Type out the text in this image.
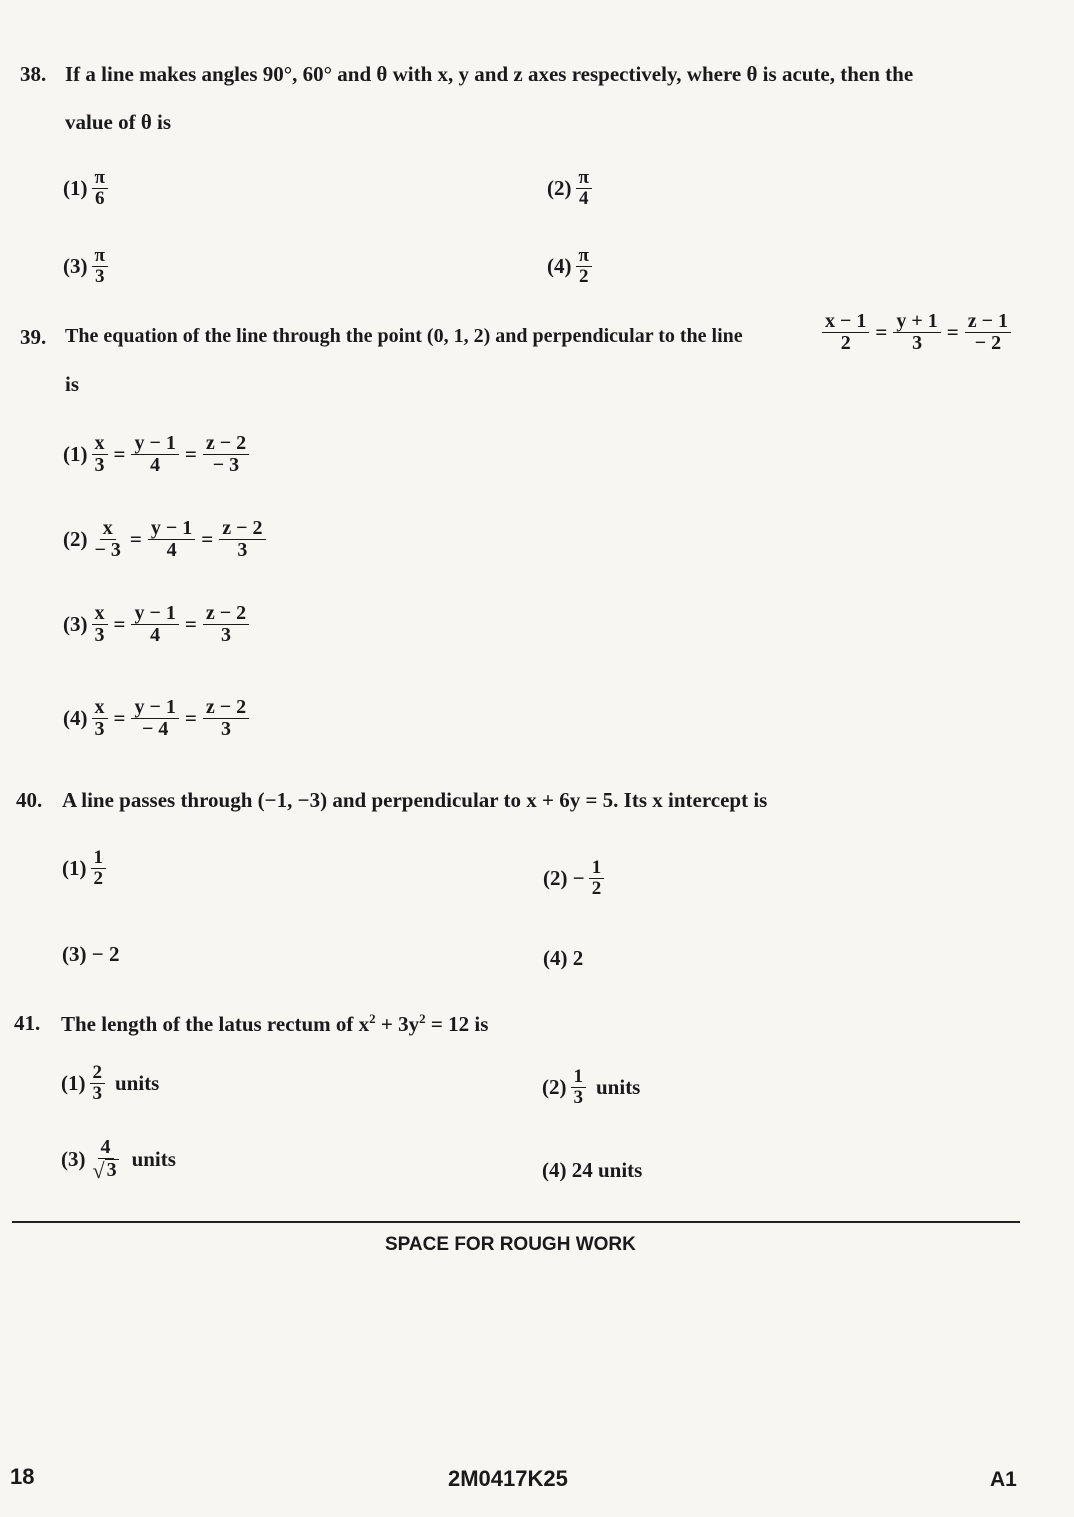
38. If a line makes angles 90°, 60° and θ with x, y and z axes respectively, where θ is acute, then the
value of θ is
$(1) \frac{\pi}{6}$	$(2) \frac{\pi}{4}$
$(3) \frac{\pi}{3}$	$(4) \frac{\pi}{2}$
39. The equation of the line through the point (0, 1, 2) and perpendicular to the line	$\frac{x - 1}{2} = \frac{y + 1}{3} = \frac{z - 1}{- 2}$
is
$(1) \frac{x}{3} = \frac{y - 1}{4} = \frac{z - 2}{- 3}$
$(2) \frac{x}{- 3} = \frac{y - 1}{4} = \frac{z - 2}{3}$
$(3) \frac{x}{3} = \frac{y - 1}{4} = \frac{z - 2}{3}$
$(4) \frac{x}{3} = \frac{y - 1}{- 4} = \frac{z - 2}{3}$
40. A line passes through (−1, −3) and perpendicular to x + 6y = 5. Its x intercept is
$(1) \frac{1}{2}$	$(2) - \frac{1}{2}$
(3) − 2	(4) 2
41. The length of the latus rectum of $x^2 + 3y^2 = 12$ is
$(1) \frac{2}{3}$ units	$(2) \frac{1}{3}$ units
$(3) \frac{4}{√ 3}$ units	(4) 24 units
SPACE FOR ROUGH WORK
18	2M0417K25	A1
